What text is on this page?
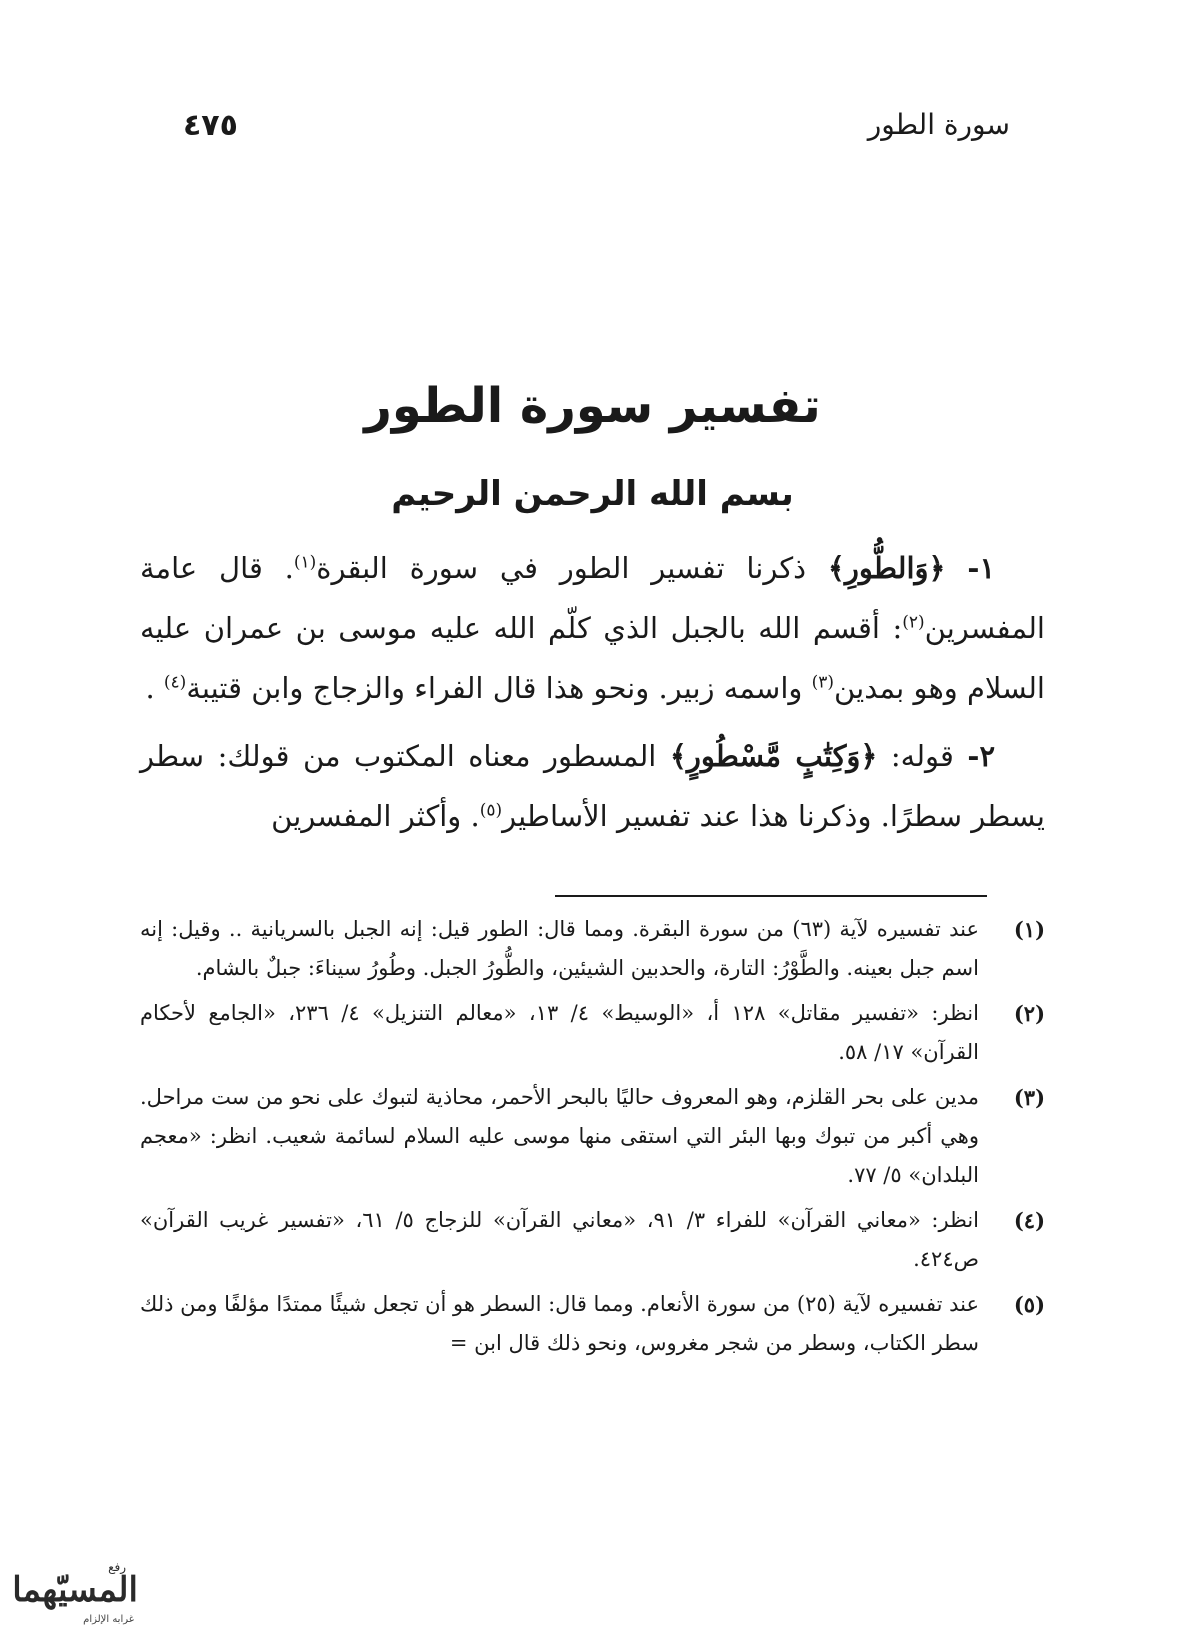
سورة الطور
٤٧٥
تفسير سورة الطور
بسم الله الرحمن الرحيم

١- ﴿وَالطُّورِ﴾ ذكرنا تفسير الطور في سورة البقرة$^{(١)}$. قال عامة المفسرين$^{(٢)}$: أقسم الله بالجبل الذي كلّم الله عليه موسى بن عمران عليه السلام وهو بمدين$^{(٣)}$ واسمه زبير. ونحو هذا قال الفراء والزجاج وابن قتيبة$^{(٤)}$ .

٢- قوله: ﴿وَكِتَٰبٍ مَّسْطُورٍ﴾ المسطور معناه المكتوب من قولك: سطر يسطر سطرًا. وذكرنا هذا عند تفسير الأساطير$^{(٥)}$. وأكثر المفسرين

(١)
عند تفسيره لآية (٦٣) من سورة البقرة. ومما قال: الطور قيل: إنه الجبل بالسريانية .. وقيل: إنه اسم جبل بعينه. والطَّوْرُ: التارة، والحدبين الشيئين، والطُّورُ الجبل. وطُورُ سيناءَ: جبلٌ بالشام.
(٢)
انظر: «تفسير مقاتل» ١٢٨ أ، «الوسيط» ٤/ ١٣، «معالم التنزيل» ٤/ ٢٣٦، «الجامع لأحكام القرآن» ١٧/ ٥٨.
(٣)
مدين على بحر القلزم، وهو المعروف حاليًا بالبحر الأحمر، محاذية لتبوك على نحو من ست مراحل. وهي أكبر من تبوك وبها البئر التي استقى منها موسى عليه السلام لسائمة شعيب. انظر: «معجم البلدان» ٥/ ٧٧.
(٤)
انظر: «معاني القرآن» للفراء ٣/ ٩١، «معاني القرآن» للزجاج ٥/ ٦١، «تفسير غريب القرآن» ص٤٢٤.
(٥)
عند تفسيره لآية (٢٥) من سورة الأنعام. ومما قال: السطر هو أن تجعل شيئًا ممتدًا مؤلفًا ومن ذلك سطر الكتاب، وسطر من شجر مغروس، ونحو ذلك قال ابن =
رفع
المسيّهما
غرابه الإلزام
